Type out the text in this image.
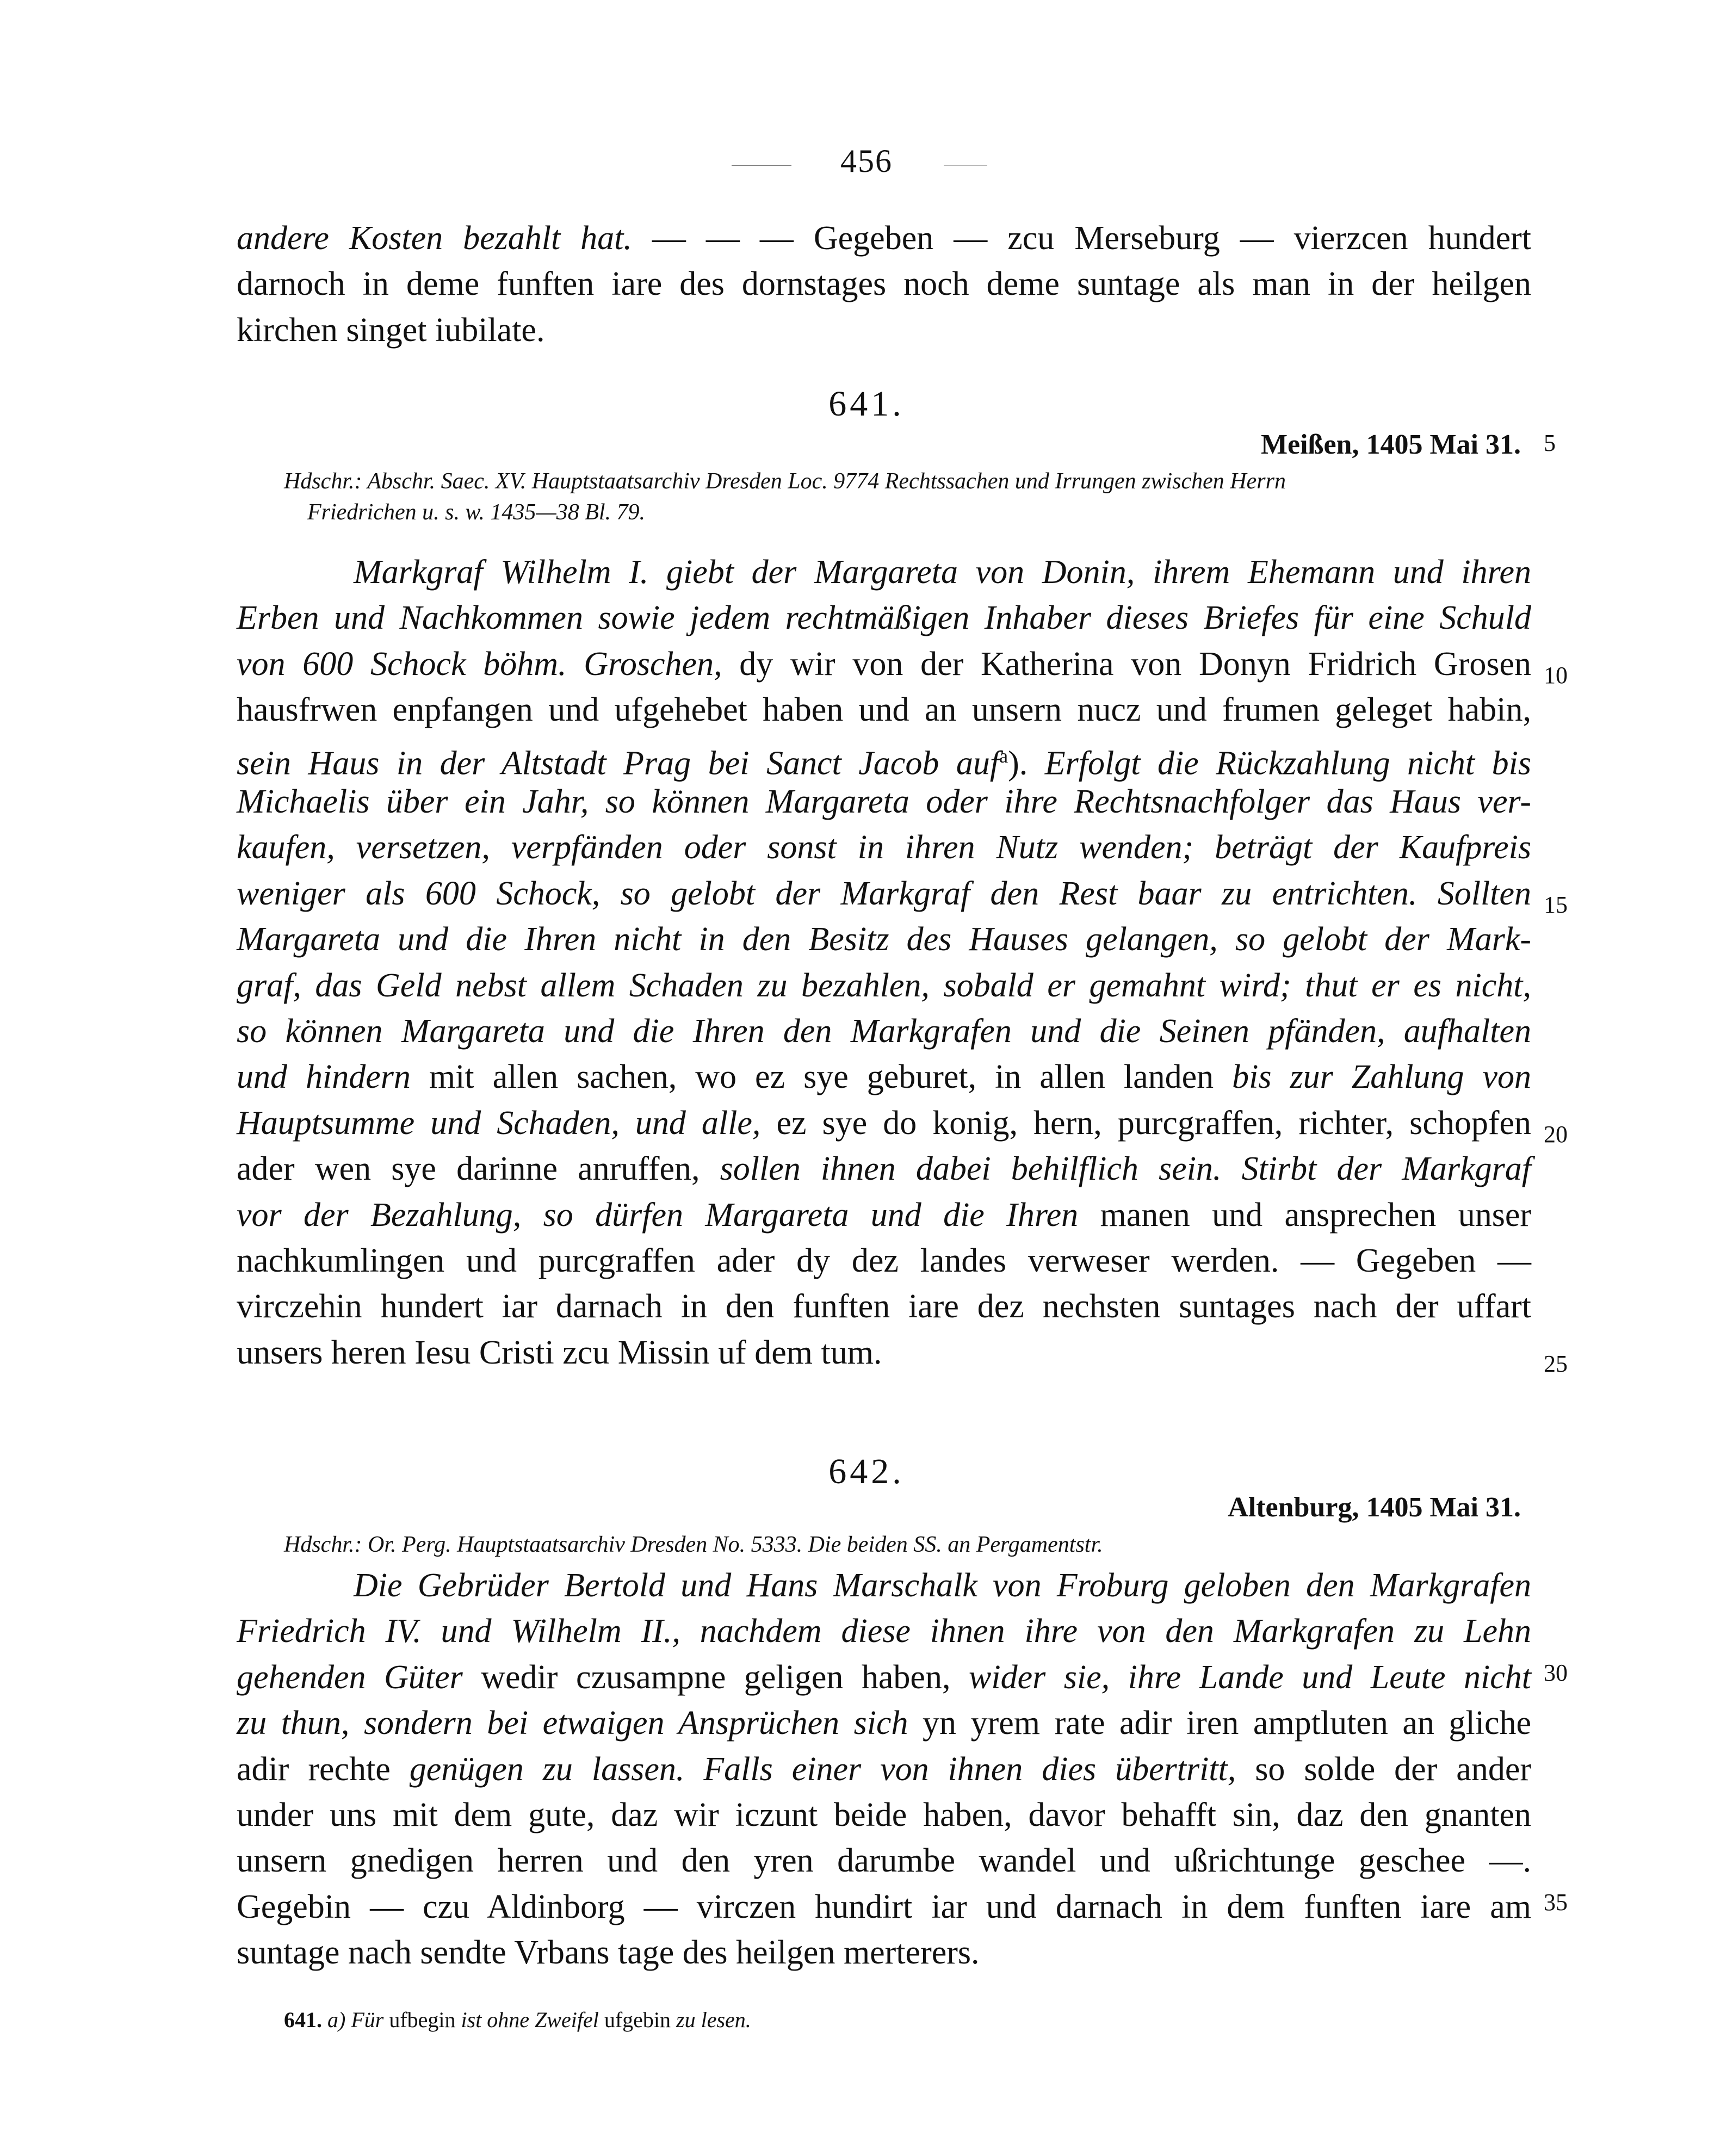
456
andere Kosten bezahlt hat. — — — Gegeben — zcu Merseburg — vierzcen hundert
darnoch in deme funften iare des dornstages noch deme suntage als man in der heilgen
kirchen singet iubilate.
641.
Meißen, 1405 Mai 31. 5
Hdschr.: Abschr. Saec. XV. Hauptstaatsarchiv Dresden Loc. 9774 Rechtssachen und Irrungen zwischen Herrn
Friedrichen u. s. w. 1435—38 Bl. 79.
Markgraf Wilhelm I. giebt der Margareta von Donin, ihrem Ehemann und ihren
Erben und Nachkommen sowie jedem rechtmäßigen Inhaber dieses Briefes für eine Schuld
von 600 Schock böhm. Groschen, dy wir von der Katherina von Donyn Fridrich Grosen
hausfrwen enpfangen und ufgehebet haben und an unsern nucz und frumen geleget habin,
sein Haus in der Altstadt Prag bei Sanct Jacob auf$^a$). Erfolgt die Rückzahlung nicht bis
Michaelis über ein Jahr, so können Margareta oder ihre Rechtsnachfolger das Haus ver-
kaufen, versetzen, verpfänden oder sonst in ihren Nutz wenden; beträgt der Kaufpreis
weniger als 600 Schock, so gelobt der Markgraf den Rest baar zu entrichten. Sollten
Margareta und die Ihren nicht in den Besitz des Hauses gelangen, so gelobt der Mark-
graf, das Geld nebst allem Schaden zu bezahlen, sobald er gemahnt wird; thut er es nicht,
so können Margareta und die Ihren den Markgrafen und die Seinen pfänden, aufhalten
und hindern mit allen sachen, wo ez sye geburet, in allen landen bis zur Zahlung von
Hauptsumme und Schaden, und alle, ez sye do konig, hern, purcgraffen, richter, schopfen
ader wen sye darinne anruffen, sollen ihnen dabei behilflich sein. Stirbt der Markgraf
vor der Bezahlung, so dürfen Margareta und die Ihren manen und ansprechen unser
nachkumlingen und purcgraffen ader dy dez landes verweser werden. — Gegeben —
virczehin hundert iar darnach in den funften iare dez nechsten suntages nach der uffart
unsers heren Iesu Cristi zcu Missin uf dem tum.
10
15
20
25
642.
Altenburg, 1405 Mai 31.
Hdschr.: Or. Perg. Hauptstaatsarchiv Dresden No. 5333. Die beiden SS. an Pergamentstr.
Die Gebrüder Bertold und Hans Marschalk von Froburg geloben den Markgrafen
Friedrich IV. und Wilhelm II., nachdem diese ihnen ihre von den Markgrafen zu Lehn
gehenden Güter wedir czusampne geligen haben, wider sie, ihre Lande und Leute nicht
zu thun, sondern bei etwaigen Ansprüchen sich yn yrem rate adir iren amptluten an gliche
adir rechte genügen zu lassen. Falls einer von ihnen dies übertritt, so solde der ander
under uns mit dem gute, daz wir iczunt beide haben, davor behafft sin, daz den gnanten
unsern gnedigen herren und den yren darumbe wandel und ußrichtunge geschee —.
Gegebin — czu Aldinborg — virczen hundirt iar und darnach in dem funften iare am
suntage nach sendte Vrbans tage des heilgen merterers.
30
35
641. a) Für ufbegin ist ohne Zweifel ufgebin zu lesen.
